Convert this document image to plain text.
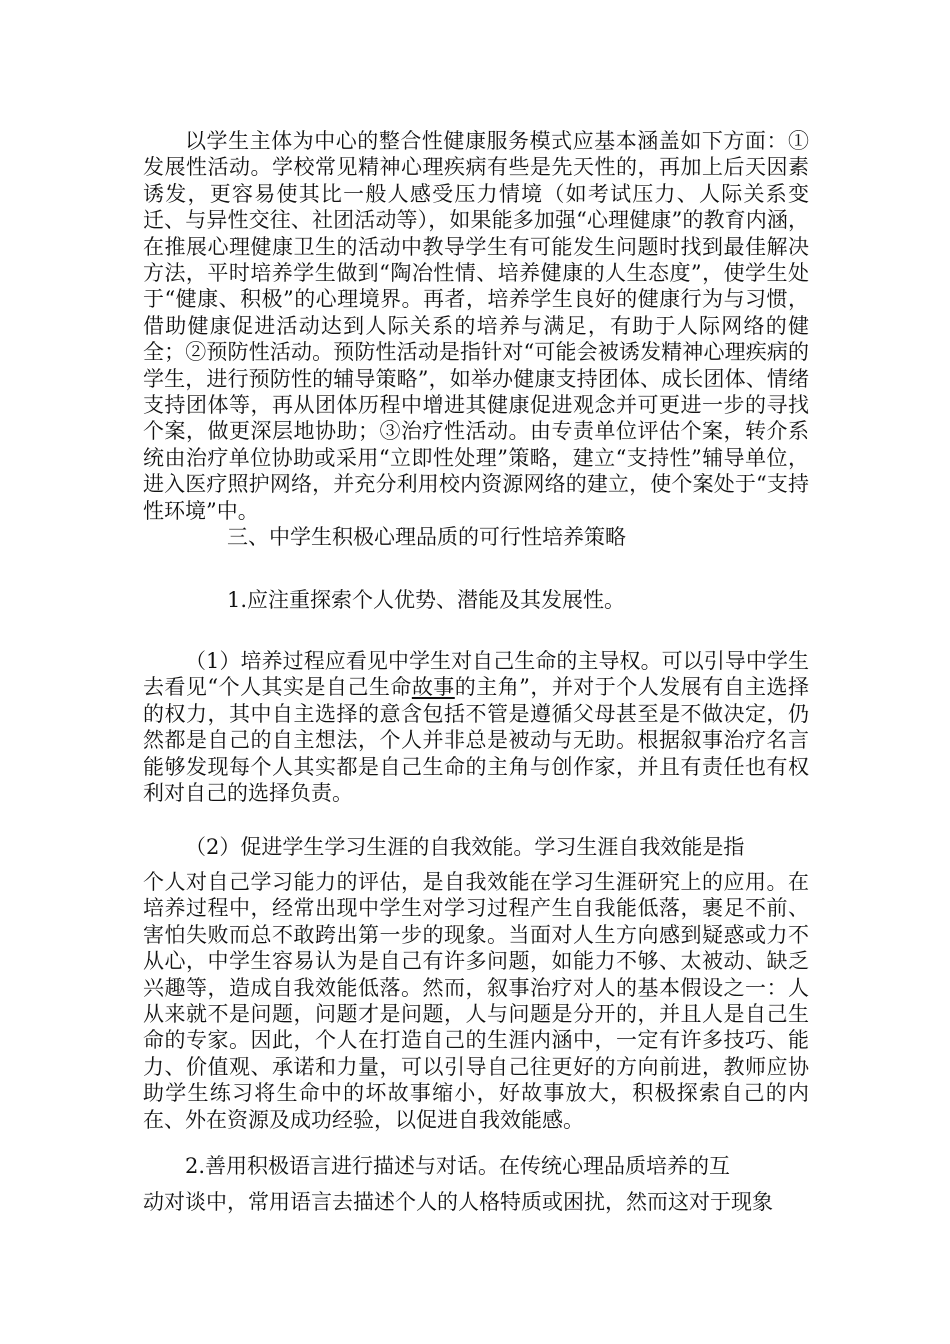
以学生主体为中心的整合性健康服务模式应基本涵盖如下方面：①发展性活动。学校常见精神心理疾病有些是先天性的，再加上后天因素诱发，更容易使其比一般人感受压力情境（如考试压力、人际关系变迁、与异性交往、社团活动等），如果能多加强“心理健康”的教育内涵，在推展心理健康卫生的活动中教导学生有可能发生问题时找到最佳解决方法，平时培养学生做到“陶冶性情、培养健康的人生态度”，使学生处于“健康、积极”的心理境界。再者，培养学生良好的健康行为与习惯，借助健康促进活动达到人际关系的培养与满足，有助于人际网络的健全；②预防性活动。预防性活动是指针对“可能会被诱发精神心理疾病的学生，进行预防性的辅导策略”，如举办健康支持团体、成长团体、情绪支持团体等，再从团体历程中增进其健康促进观念并可更进一步的寻找个案，做更深层地协助；③治疗性活动。由专责单位评估个案，转介系统由治疗单位协助或采用“立即性处理”策略，建立“支持性”辅导单位，进入医疗照护网络，并充分利用校内资源网络的建立，使个案处于“支持性环境”中。

三、中学生积极心理品质的可行性培养策略

1.应注重探索个人优势、潜能及其发展性。

（1）培养过程应看见中学生对自己生命的主导权。可以引导中学生去看见“个人其实是自己生命故事的主角”，并对于个人发展有自主选择的权力，其中自主选择的意含包括不管是遵循父母甚至是不做决定，仍然都是自己的自主想法，个人并非总是被动与无助。根据叙事治疗名言能够发现每个人其实都是自己生命的主角与创作家，并且有责任也有权利对自己的选择负责。

（2）促进学生学习生涯的自我效能。学习生涯自我效能是指

个人对自己学习能力的评估，是自我效能在学习生涯研究上的应用。在培养过程中，经常出现中学生对学习过程产生自我能低落，裹足不前、害怕失败而总不敢跨出第一步的现象。当面对人生方向感到疑惑或力不从心，中学生容易认为是自己有许多问题，如能力不够、太被动、缺乏兴趣等，造成自我效能低落。然而，叙事治疗对人的基本假设之一：人从来就不是问题，问题才是问题，人与问题是分开的，并且人是自己生命的专家。因此，个人在打造自己的生涯内涵中，一定有许多技巧、能力、价值观、承诺和力量，可以引导自己往更好的方向前进，教师应协助学生练习将生命中的坏故事缩小，好故事放大，积极探索自己的内在、外在资源及成功经验，以促进自我效能感。

2.善用积极语言进行描述与对话。在传统心理品质培养的互

动对谈中，常用语言去描述个人的人格特质或困扰，然而这对于现象
